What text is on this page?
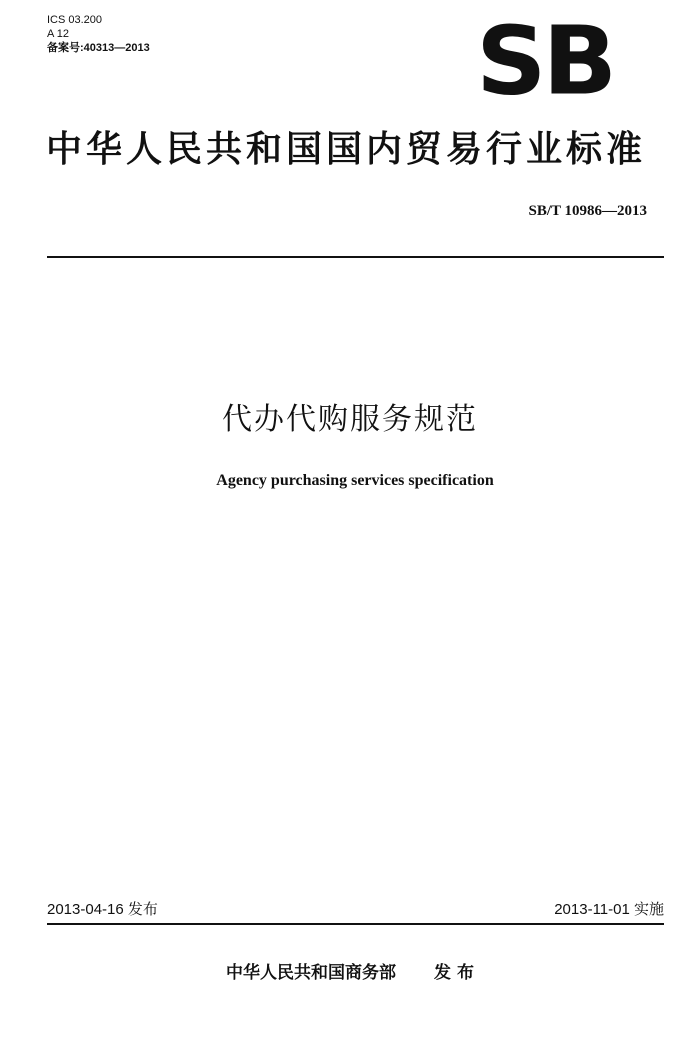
ICS 03.200
A 12
备案号:40313—2013	SB
中华人民共和国国内贸易行业标准
SB/T 10986—2013
代办代购服务规范
Agency purchasing services specification
2013-04-16 发布	2013-11-01 实施
中华人民共和国商务部 发 布
